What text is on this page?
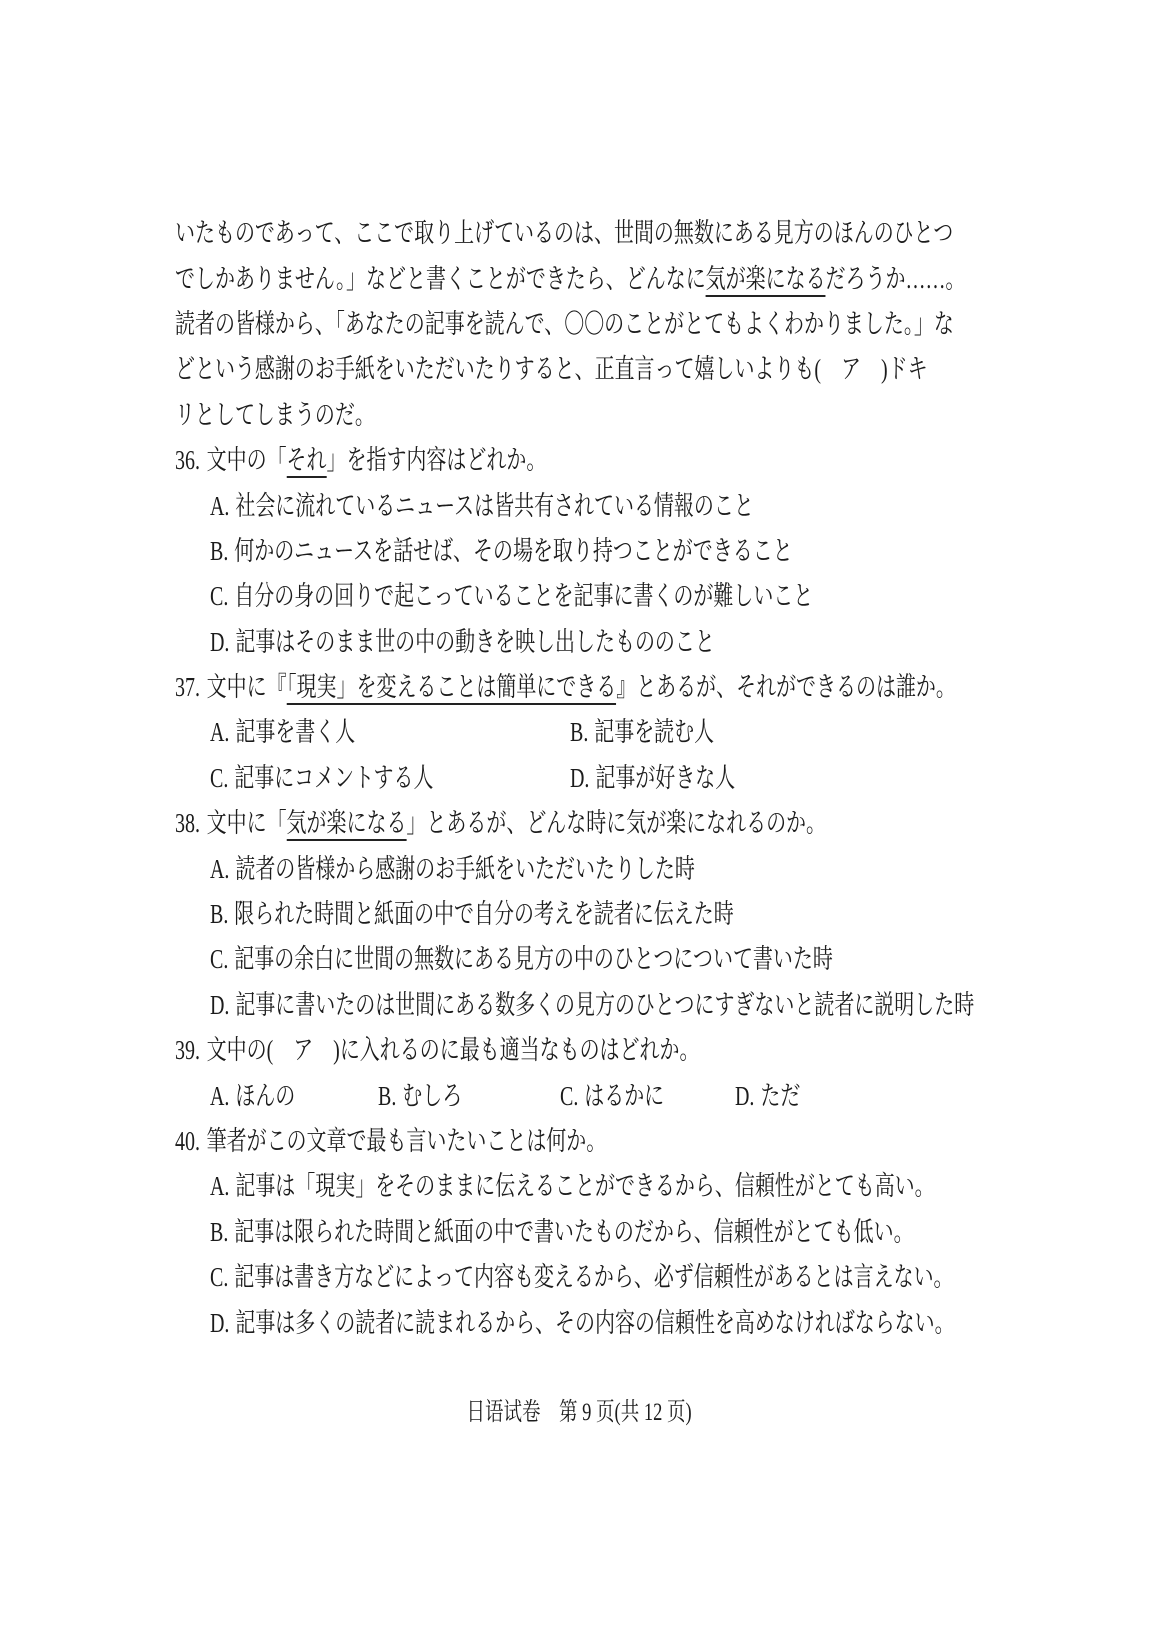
いたものであって、ここで取り上げているのは、世間の無数にある見方のほんのひとつ
でしかありません。」などと書くことができたら、どんなに気が楽になるだろうか……。
読者の皆様から、「あなたの記事を読んで、〇〇のことがとてもよくわかりました。」な
どという感謝のお手紙をいただいたりすると、正直言って嬉しいよりも(　ア　)ドキ
リとしてしまうのだ。
36. 文中の「それ」を指す内容はどれか。
A. 社会に流れているニュースは皆共有されている情報のこと
B. 何かのニュースを話せば、その場を取り持つことができること
C. 自分の身の回りで起こっていることを記事に書くのが難しいこと
D. 記事はそのまま世の中の動きを映し出したもののこと
37. 文中に『「現実」を変えることは簡単にできる』とあるが、それができるのは誰か。
A. 記事を書く人	B. 記事を読む人
C. 記事にコメントする人	D. 記事が好きな人
38. 文中に「気が楽になる」とあるが、どんな時に気が楽になれるのか。
A. 読者の皆様から感謝のお手紙をいただいたりした時
B. 限られた時間と紙面の中で自分の考えを読者に伝えた時
C. 記事の余白に世間の無数にある見方の中のひとつについて書いた時
D. 記事に書いたのは世間にある数多くの見方のひとつにすぎないと読者に説明した時
39. 文中の(　ア　)に入れるのに最も適当なものはどれか。
A. ほんの	B. むしろ	C. はるかに	D. ただ
40. 筆者がこの文章で最も言いたいことは何か。
A. 記事は「現実」をそのままに伝えることができるから、信頼性がとても高い。
B. 記事は限られた時間と紙面の中で書いたものだから、信頼性がとても低い。
C. 記事は書き方などによって内容も変えるから、必ず信頼性があるとは言えない。
D. 記事は多くの読者に読まれるから、その内容の信頼性を高めなければならない。
日语试卷　第 9 页(共 12 页)
